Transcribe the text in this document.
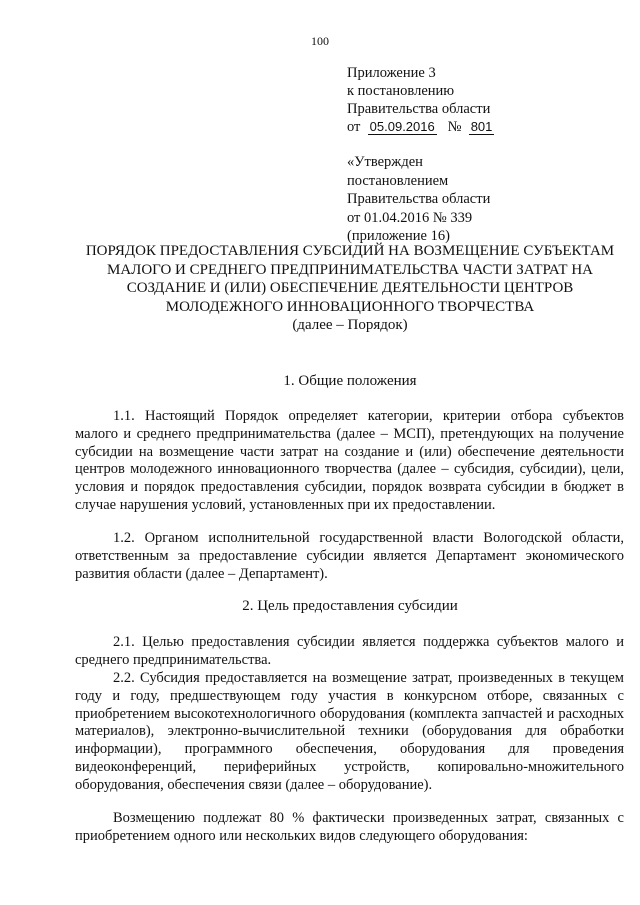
100
Приложение 3
к постановлению
Правительства области
от 05.09.2016 № 801
«Утвержден
постановлением
Правительства области
от 01.04.2016 № 339
(приложение 16)
ПОРЯДОК ПРЕДОСТАВЛЕНИЯ СУБСИДИЙ НА ВОЗМЕЩЕНИЕ СУБЪЕКТАМ
МАЛОГО И СРЕДНЕГО ПРЕДПРИНИМАТЕЛЬСТВА ЧАСТИ ЗАТРАТ НА
СОЗДАНИЕ И (ИЛИ) ОБЕСПЕЧЕНИЕ ДЕЯТЕЛЬНОСТИ ЦЕНТРОВ
МОЛОДЕЖНОГО ИННОВАЦИОННОГО ТВОРЧЕСТВА
(далее – Порядок)
1. Общие положения
1.1. Настоящий Порядок определяет категории, критерии отбора субъектов малого и среднего предпринимательства (далее – МСП), претендующих на получение субсидии на возмещение части затрат на создание и (или) обеспечение деятельности центров молодежного инновационного творчества (далее – субсидия, субсидии), цели, условия и порядок предоставления субсидии, порядок возврата субсидии в бюджет в случае нарушения условий, установленных при их предоставлении.
1.2. Органом исполнительной государственной власти Вологодской области, ответственным за предоставление субсидии является Департамент экономического развития области (далее – Департамент).
2. Цель предоставления субсидии
2.1. Целью предоставления субсидии является поддержка субъектов малого и среднего предпринимательства.
2.2. Субсидия предоставляется на возмещение затрат, произведенных в текущем году и году, предшествующем году участия в конкурсном отборе, связанных с приобретением высокотехнологичного оборудования (комплекта запчастей и расходных материалов), электронно-вычислительной техники (оборудования для обработки информации), программного обеспечения, оборудования для проведения видеоконференций, периферийных устройств, копировально-множительного оборудования, обеспечения связи (далее – оборудование).
Возмещению подлежат 80 % фактически произведенных затрат, связанных с приобретением одного или нескольких видов следующего оборудования:
